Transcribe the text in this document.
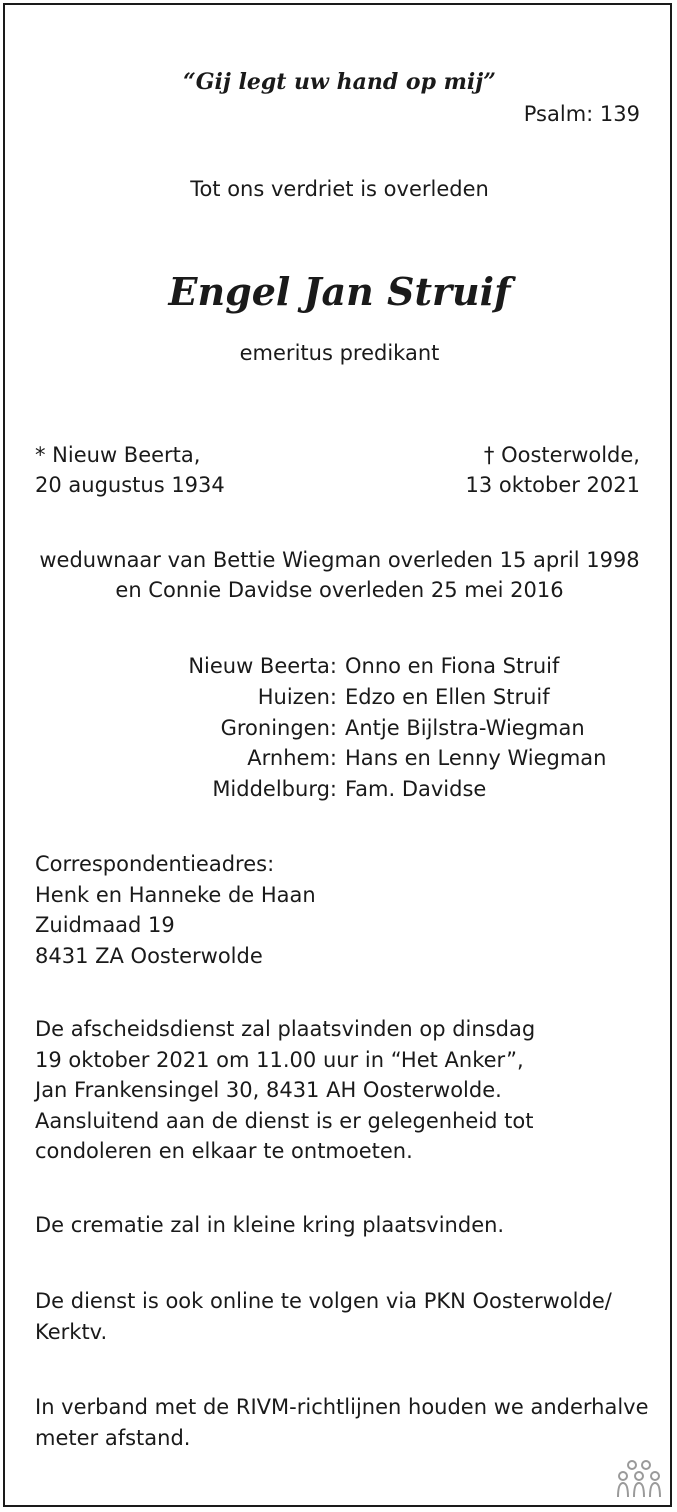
“Gij legt uw hand op mij”
Psalm: 139
Tot ons verdriet is overleden
Engel Jan Struif
emeritus predikant
* Nieuw Beerta,
20 augustus 1934
† Oosterwolde,
13 oktober 2021
weduwnaar van Bettie Wiegman overleden 15 april 1998
en Connie Davidse overleden 25 mei 2016
Nieuw Beerta: Onno en Fiona Struif
Huizen: Edzo en Ellen Struif
Groningen: Antje Bijlstra-Wiegman
Arnhem: Hans en Lenny Wiegman
Middelburg: Fam. Davidse
Correspondentieadres:
Henk en Hanneke de Haan
Zuidmaad 19
8431 ZA Oosterwolde
De afscheidsdienst zal plaatsvinden op dinsdag
19 oktober 2021 om 11.00 uur in “Het Anker”,
Jan Frankensingel 30, 8431 AH Oosterwolde.
Aansluitend aan de dienst is er gelegenheid tot
condoleren en elkaar te ontmoeten.
De crematie zal in kleine kring plaatsvinden.
De dienst is ook online te volgen via PKN Oosterwolde/
Kerktv.
In verband met de RIVM-richtlijnen houden we anderhalve
meter afstand.
